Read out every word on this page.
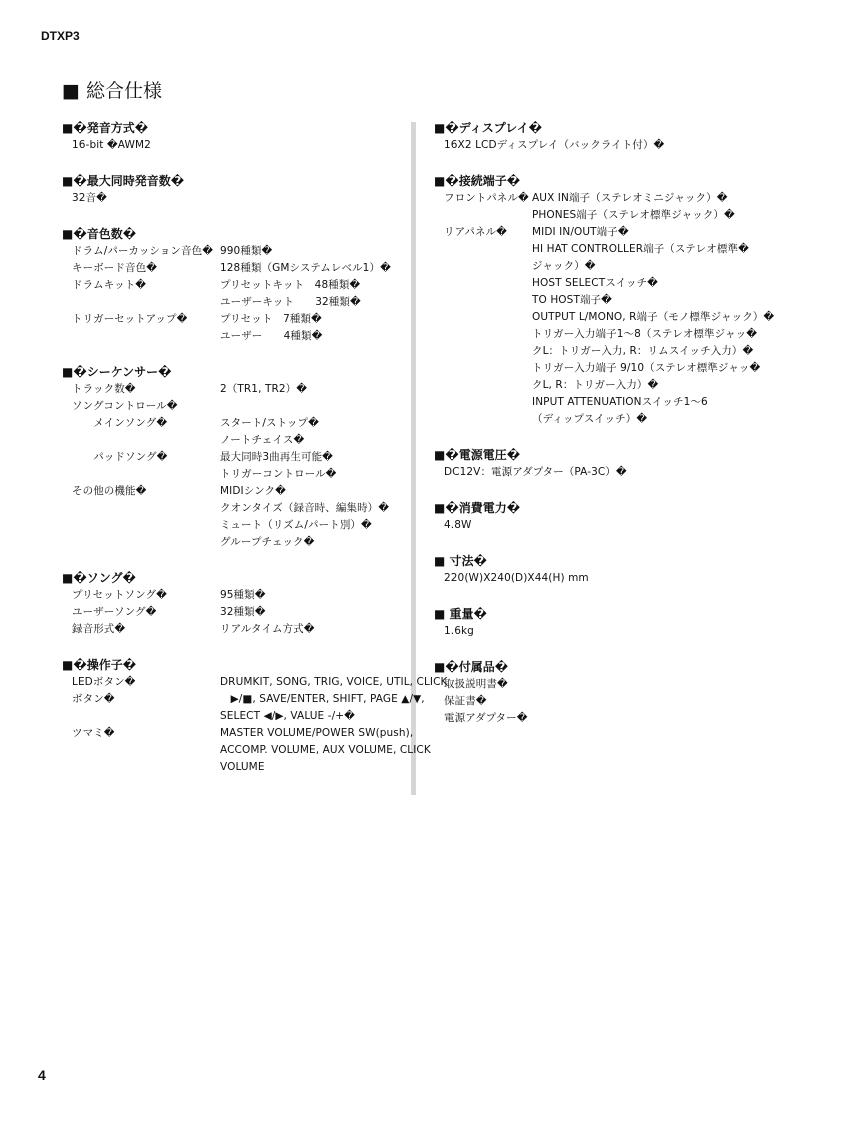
DTXP3
■ 総合仕様
■�発音方式�
16-bit �AWM2
■�最大同時発音数�
32音�
■�音色数�
ドラム/パーカッション音色� 990種類�
キーボード音色�	128種類（GMシステムレベル1）�
ドラムキット�	プリセットキット　48種類�
ユーザーキット　　32種類�
トリガーセットアップ�	プリセット　7種類�
ユーザー　　4種類�
■�シーケンサー�
トラック数�	2（TR1, TR2）�
ソングコントロール�
　　メインソング�	スタート/ストップ�
ノートチェイス�
　　パッドソング�	最大同時3曲再生可能�
トリガーコントロール�
その他の機能�	MIDIシンク�
クオンタイズ（録音時、編集時）�
ミュート（リズム/パート別）�
グループチェック�
■�ソング�
プリセットソング�	95種類�
ユーザーソング�	32種類�
録音形式�	リアルタイム方式�
■�操作子�
LEDボタン�	DRUMKIT, SONG, TRIG, VOICE, UTIL, CLICK
ボタン�	　▶/■, SAVE/ENTER, SHIFT, PAGE ▲/▼,
SELECT ◀/▶, VALUE -/+�
ツマミ�	MASTER VOLUME/POWER SW(push),
ACCOMP. VOLUME, AUX VOLUME, CLICK
VOLUME
■�ディスプレイ�
16X2 LCDディスプレイ（バックライト付）�
■�接続端子�
フロントパネル� AUX IN端子（ステレオミニジャック）�
PHONES端子（ステレオ標準ジャック）�
リアパネル�	MIDI IN/OUT端子�
HI HAT CONTROLLER端子（ステレオ標準�
ジャック）�
HOST SELECTスイッチ�
TO HOST端子�
OUTPUT L/MONO, R端子（モノ標準ジャック）�
トリガー入力端子1～8（ステレオ標準ジャッ�
クL：トリガー入力, R：リムスイッチ入力）�
トリガー入力端子 9/10（ステレオ標準ジャッ�
クL, R：トリガー入力）�
INPUT ATTENUATIONスイッチ1～6
（ディップスイッチ）�
■�電源電圧�
DC12V：電源アダプター（PA-3C）�
■�消費電力�
4.8W
■ 寸法�
220(W)X240(D)X44(H) mm
■ 重量�
1.6kg
■�付属品�
取扱説明書�
保証書�
電源アダプター�
4
